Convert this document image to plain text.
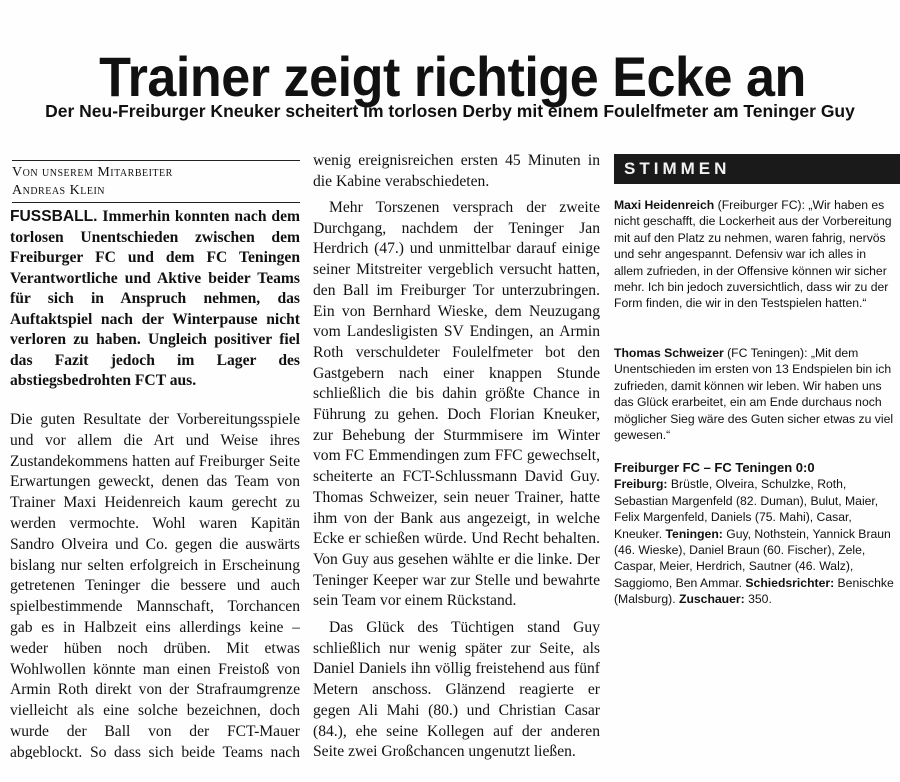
Trainer zeigt richtige Ecke an
Der Neu-Freiburger Kneuker scheitert im torlosen Derby mit einem Foulelfmeter am Teninger Guy
Von unserem Mitarbeiter
Andreas Klein
FUSSBALL. Immerhin konnten nach dem torlosen Unentschieden zwischen dem Freiburger FC und dem FC Teningen Verantwortliche und Aktive beider Teams für sich in Anspruch nehmen, das Auftaktspiel nach der Winterpause nicht verloren zu haben. Ungleich positiver fiel das Fazit jedoch im Lager des abstiegsbedrohten FCT aus.

Die guten Resultate der Vorbereitungsspiele und vor allem die Art und Weise ihres Zustandekommens hatten auf Freiburger Seite Erwartungen geweckt, denen das Team von Trainer Maxi Heidenreich kaum gerecht zu werden vermochte. Wohl waren Kapitän Sandro Olveira und Co. gegen die auswärts bislang nur selten erfolgreich in Erscheinung getretenen Teninger die bessere und auch spielbestimmende Mannschaft, Torchancen gab es in Halbzeit eins allerdings keine – weder hüben noch drüben. Mit etwas Wohlwollen könnte man einen Freistoß von Armin Roth direkt von der Strafraumgrenze vielleicht als eine solche bezeichnen, doch wurde der Ball von der FCT-Mauer abgeblockt. So dass sich beide Teams nach

wenig ereignisreichen ersten 45 Minuten in die Kabine verabschiedeten.

Mehr Torszenen versprach der zweite Durchgang, nachdem der Teninger Jan Herdrich (47.) und unmittelbar darauf einige seiner Mitstreiter vergeblich versucht hatten, den Ball im Freiburger Tor unterzubringen. Ein von Bernhard Wieske, dem Neuzugang vom Landesligisten SV Endingen, an Armin Roth verschuldeter Foulelfmeter bot den Gastgebern nach einer knappen Stunde schließlich die bis dahin größte Chance in Führung zu gehen. Doch Florian Kneuker, zur Behebung der Sturmmisere im Winter vom FC Emmendingen zum FFC gewechselt, scheiterte an FCT-Schlussmann David Guy. Thomas Schweizer, sein neuer Trainer, hatte ihm von der Bank aus angezeigt, in welche Ecke er schießen würde. Und Recht behalten. Von Guy aus gesehen wählte er die linke. Der Teninger Keeper war zur Stelle und bewahrte sein Team vor einem Rückstand.

Das Glück des Tüchtigen stand Guy schließlich nur wenig später zur Seite, als Daniel Daniels ihn völlig freistehend aus fünf Metern anschoss. Glänzend reagierte er gegen Ali Mahi (80.) und Christian Casar (84.), ehe seine Kollegen auf der anderen Seite zwei Großchancen ungenutzt ließen.

STIMMEN
Maxi Heidenreich (Freiburger FC): „Wir haben es nicht geschafft, die Lockerheit aus der Vorbereitung mit auf den Platz zu nehmen, waren fahrig, nervös und sehr angespannt. Defensiv war ich alles in allem zufrieden, in der Offensive können wir sicher mehr. Ich bin jedoch zuversichtlich, dass wir zu der Form finden, die wir in den Testspielen hatten.“
Thomas Schweizer (FC Teningen): „Mit dem Unentschieden im ersten von 13 Endspielen bin ich zufrieden, damit können wir leben. Wir haben uns das Glück erarbeitet, ein am Ende durchaus noch möglicher Sieg wäre des Guten sicher etwas zu viel gewesen.“
Freiburger FC – FC Teningen 0:0
Freiburg: Brüstle, Olveira, Schulzke, Roth, Sebastian Margenfeld (82. Duman), Bulut, Maier, Felix Margenfeld, Daniels (75. Mahi), Casar, Kneuker. Teningen: Guy, Nothstein, Yannick Braun (46. Wieske), Daniel Braun (60. Fischer), Zele, Caspar, Meier, Herdrich, Sautner (46. Walz), Saggiomo, Ben Ammar. Schiedsrichter: Benischke (Malsburg). Zuschauer: 350.
